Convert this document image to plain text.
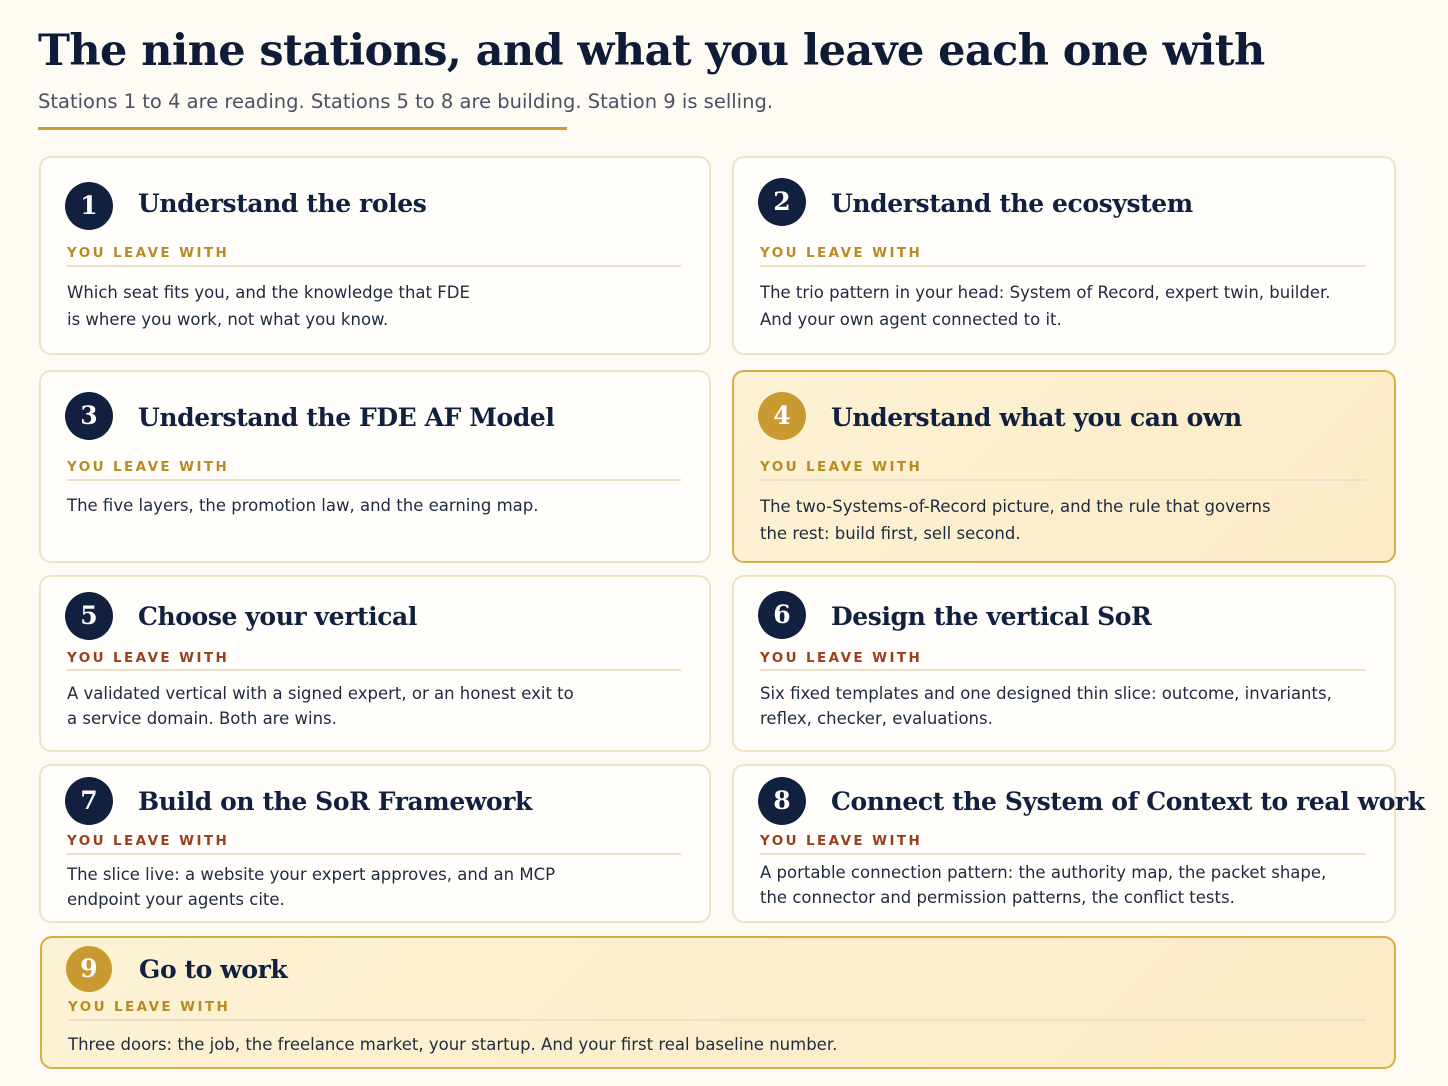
The nine stations, and what you leave each one with

Stations 1 to 4 are reading. Stations 5 to 8 are building. Station 9 is selling.

1	Understand the roles
YOU LEAVE WITH
Which seat fits you, and the knowledge that FDE
is where you work, not what you know.
2	Understand the ecosystem
YOU LEAVE WITH
The trio pattern in your head: System of Record, expert twin, builder.
And your own agent connected to it.
3	Understand the FDE AF Model
YOU LEAVE WITH
The five layers, the promotion law, and the earning map.
4	Understand what you can own
YOU LEAVE WITH
The two-Systems-of-Record picture, and the rule that governs
the rest: build first, sell second.
5	Choose your vertical
YOU LEAVE WITH
A validated vertical with a signed expert, or an honest exit to
a service domain. Both are wins.
6	Design the vertical SoR
YOU LEAVE WITH
Six fixed templates and one designed thin slice: outcome, invariants,
reflex, checker, evaluations.
7	Build on the SoR Framework
YOU LEAVE WITH
The slice live: a website your expert approves, and an MCP
endpoint your agents cite.
8	Connect the System of Context to real work
YOU LEAVE WITH
A portable connection pattern: the authority map, the packet shape,
the connector and permission patterns, the conflict tests.
9	Go to work
YOU LEAVE WITH
Three doors: the job, the freelance market, your startup. And your first real baseline number.
